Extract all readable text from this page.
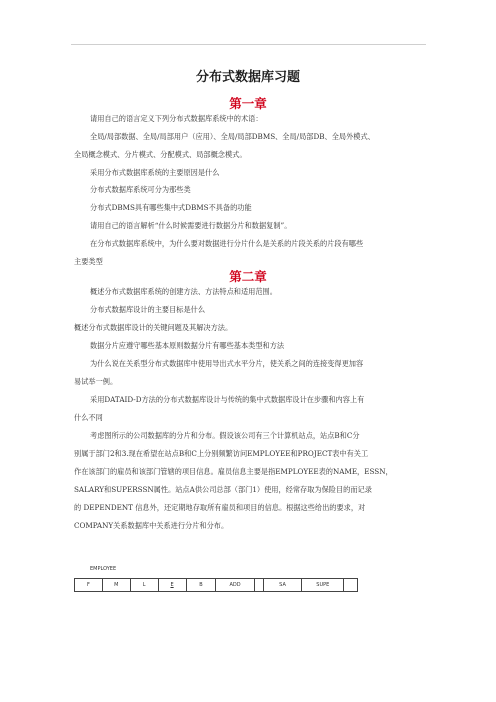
分布式数据库习题
第一章
请用自己的语言定义下列分布式数据库系统中的术语：
全局/局部数据、全局/局部用户（应用）、全局/局部DBMS、全局/局部DB、全局外模式、
全局概念模式、分片模式、分配模式、局部概念模式。
采用分布式数据库系统的主要原因是什么
分布式数据库系统可分为那些类
分布式DBMS具有哪些集中式DBMS不具备的功能
请用自己的语言解析“什么时候需要进行数据分片和数据复制”。
在分布式数据库系统中，为什么要对数据进行分片什么是关系的片段关系的片段有哪些
主要类型
第二章
概述分布式数据库系统的创建方法、方法特点和适用范围。
分布式数据库设计的主要目标是什么
概述分布式数据库设计的关键问题及其解决方法。
数据分片应遵守哪些基本原则数据分片有哪些基本类型和方法
为什么说在关系型分布式数据库中使用导出式水平分片，使关系之间的连接变得更加容
易试举一例。
采用DATAID-D方法的分布式数据库设计与传统的集中式数据库设计在步骤和内容上有
什么不同
考虑图所示的公司数据库的分片和分布。假设该公司有三个计算机站点，站点B和C分
别属于部门2和3.现在希望在站点B和C上分别频繁访问EMPLOYEE和PROJECT表中有关工
作在该部门的雇员和该部门管辖的项目信息。雇员信息主要是指EMPLOYEE表的NAME，ESSN，
SALARY和SUPERSSN属性。站点A供公司总部（部门1）使用，经常存取为保险目的而记录
的 DEPENDENT 信息外，还定期地存取所有雇员和项目的信息。根据这些给出的要求，对
COMPANY关系数据库中关系进行分片和分布。
EMPLOYEE
F	M	L	E	B	ADD		SA	SUPE	
